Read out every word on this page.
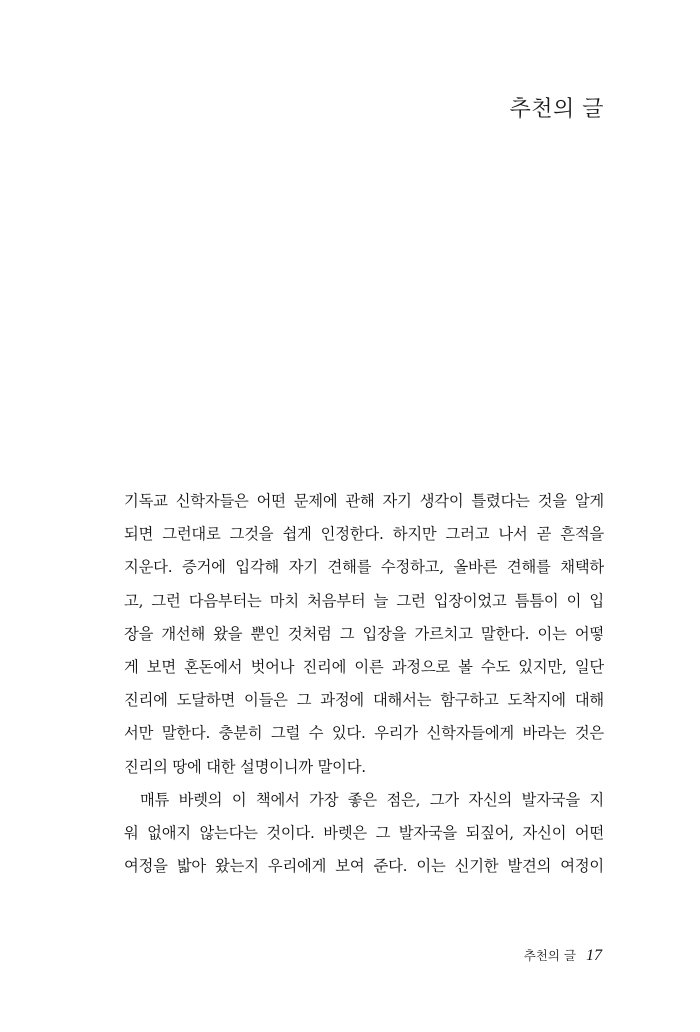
추천의 글
기독교 신학자들은 어떤 문제에 관해 자기 생각이 틀렸다는 것을 알게
되면 그런대로 그것을 쉽게 인정한다. 하지만 그러고 나서 곧 흔적을
지운다. 증거에 입각해 자기 견해를 수정하고, 올바른 견해를 채택하
고, 그런 다음부터는 마치 처음부터 늘 그런 입장이었고 틈틈이 이 입
장을 개선해 왔을 뿐인 것처럼 그 입장을 가르치고 말한다. 이는 어떻
게 보면 혼돈에서 벗어나 진리에 이른 과정으로 볼 수도 있지만, 일단
진리에 도달하면 이들은 그 과정에 대해서는 함구하고 도착지에 대해
서만 말한다. 충분히 그럴 수 있다. 우리가 신학자들에게 바라는 것은
진리의 땅에 대한 설명이니까 말이다.
매튜 바렛의 이 책에서 가장 좋은 점은, 그가 자신의 발자국을 지
워 없애지 않는다는 것이다. 바렛은 그 발자국을 되짚어, 자신이 어떤
여정을 밟아 왔는지 우리에게 보여 준다. 이는 신기한 발견의 여정이
추천의 글 17
